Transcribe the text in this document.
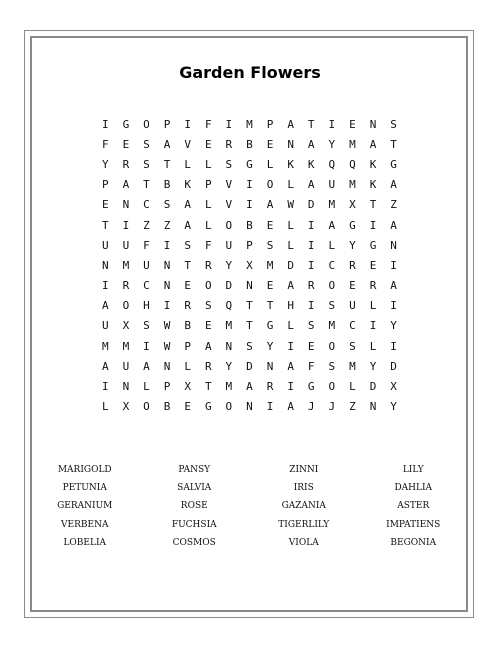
Garden Flowers
I	G	O	P	I	F	I	M	P	A	T	I	E	N	S
F	E	S	A	V	E	R	B	E	N	A	Y	M	A	T
Y	R	S	T	L	L	S	G	L	K	K	Q	Q	K	G
P	A	T	B	K	P	V	I	O	L	A	U	M	K	A
E	N	C	S	A	L	V	I	A	W	D	M	X	T	Z
T	I	Z	Z	A	L	O	B	E	L	I	A	G	I	A
U	U	F	I	S	F	U	P	S	L	I	L	Y	G	N
N	M	U	N	T	R	Y	X	M	D	I	C	R	E	I
I	R	C	N	E	O	D	N	E	A	R	O	E	R	A
A	O	H	I	R	S	Q	T	T	H	I	S	U	L	I
U	X	S	W	B	E	M	T	G	L	S	M	C	I	Y
M	M	I	W	P	A	N	S	Y	I	E	O	S	L	I
A	U	A	N	L	R	Y	D	N	A	F	S	M	Y	D
I	N	L	P	X	T	M	A	R	I	G	O	L	D	X
L	X	O	B	E	G	O	N	I	A	J	J	Z	N	Y
MARIGOLD	PANSY	ZINNI	LILY
PETUNIA	SALVIA	IRIS	DAHLIA
GERANIUM	ROSE	GAZANIA	ASTER
VERBENA	FUCHSIA	TIGERLILY	IMPATIENS
LOBELIA	COSMOS	VIOLA	BEGONIA
